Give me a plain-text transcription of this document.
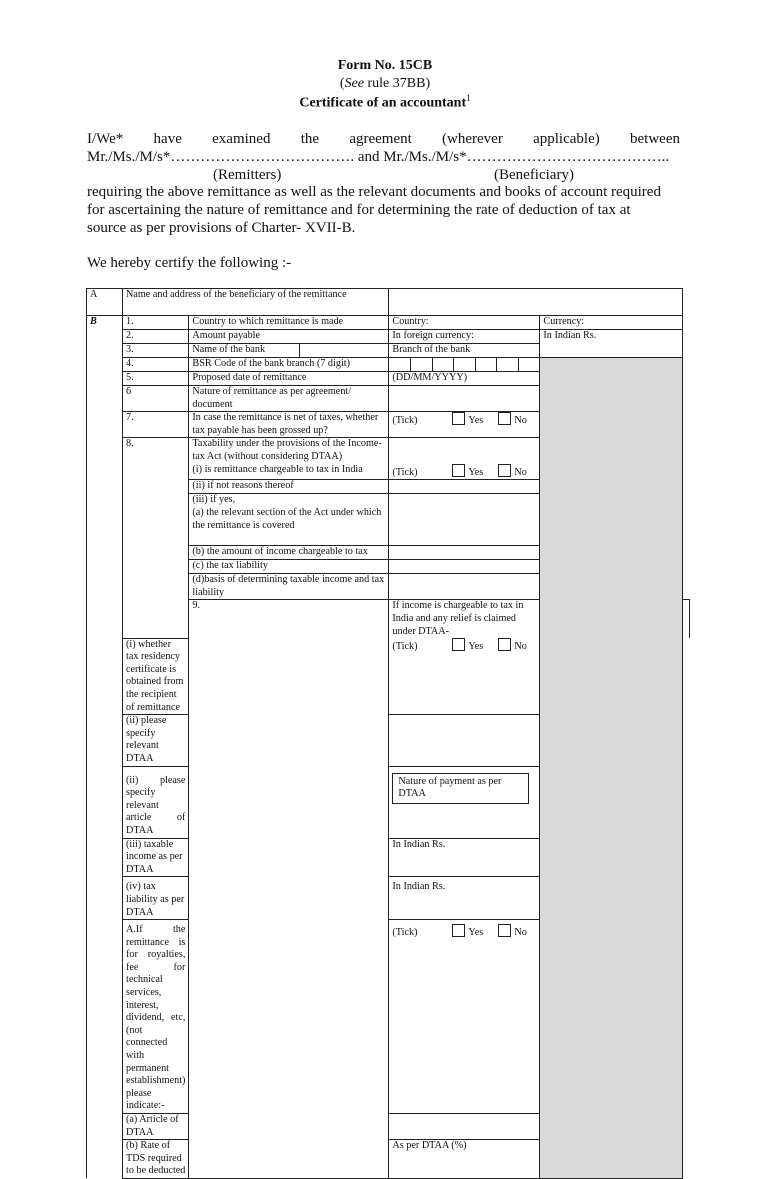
Form No. 15CB
(See rule 37BB)
Certificate of an accountant$^1$
I/We* have examined the agreement (wherever applicable) between
Mr./Ms./M/s*………………………………. and Mr./Ms./M/s*…………………………………..
(Remitters)	(Beneficiary)
requiring the above remittance as well as the relevant documents and books of account required
for ascertaining the nature of remittance and for determining the rate of deduction of tax at
source as per provisions of Charter- XVII-B.
We hereby certify the following :-
A	Name and address of the beneficiary of the remittance				
B	1.	Country to which remittance is made	Country:	Currency:	
	2.	Amount payable	In foreign currency:	In Indian Rs.	
	3.	Name of the bank	Branch of the bank		
	4.	BSR Code of the bank branch (7 digit)		

	5.	Proposed date of remittance	(DD/MM/YYYY)		
	6	Nature of remittance as per agreement/ document			
	7.	In case the remittance is net of taxes, whether tax payable has been grossed up?	(Tick) Yes No		
	8.	Taxability under the provisions of the Income-tax Act (without considering DTAA)			
		(i) is remittance chargeable to tax in India	(Tick) Yes No		
		(ii) if not reasons thereof			
		(iii) if yes,			
		(a) the relevant section of the Act under which the remittance is covered			
		(b) the amount of income chargeable to tax			
		(c) the tax liability			
		(d)basis of determining taxable income and tax liability			
		9.	If income is chargeable to tax in India and any relief is claimed under DTAA-		
	(i) whether tax residency certificate is obtained from the recipient of remittance		(Tick) Yes No		
	(ii) please specify relevant DTAA				
	(ii) please specify relevant article of DTAA		Nature of payment as per DTAA		
	(iii) taxable income as per DTAA		In Indian Rs.		
	(iv) tax liability as per DTAA		In Indian Rs.		
	A.If the remittance is for royalties, fee for technical services, interest, dividend, etc,(not connected with permanent establishment) please indicate:-		(Tick) Yes No		
	(a) Article of DTAA				
	(b) Rate of TDS required to be deducted		As per DTAA (%)		
